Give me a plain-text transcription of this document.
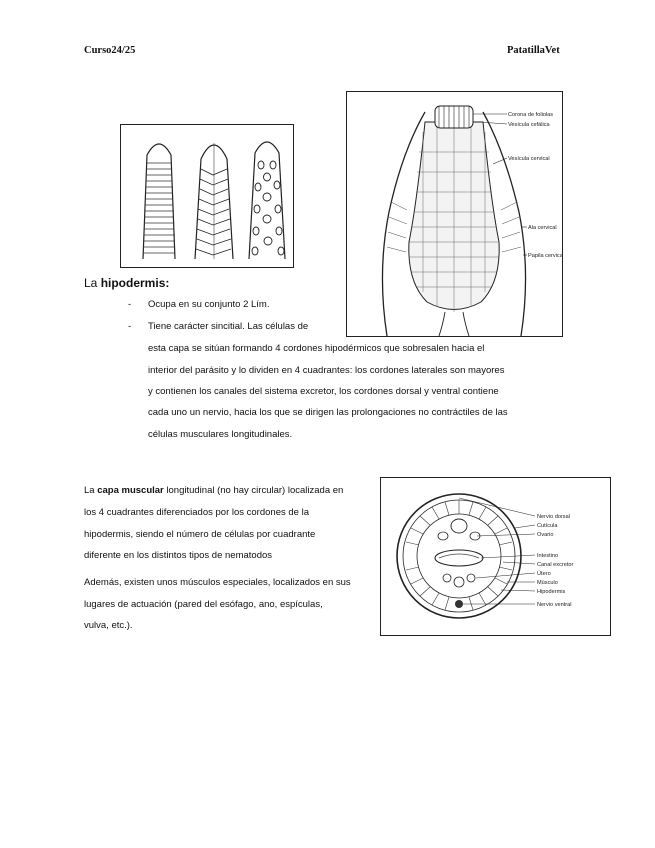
Curso24/25	PatatillaVet
Corona de foliolas
Vesícula cefálica
Vesícula cervical
Ala cervical
Papila cervical
La hipodermis:
- Ocupa en su conjunto 2 Lím.
- Tiene carácter sincitial. Las células de
esta capa se sitúan formando 4 cordones hipodérmicos que sobresalen hacia el
interior del parásito y lo dividen en 4 cuadrantes: los cordones laterales son mayores
y contienen los canales del sistema excretor, los cordones dorsal y ventral contiene
cada uno un nervio, hacia los que se dirigen las prolongaciones no contráctiles de las
células musculares longitudinales.
La capa muscular longitudinal (no hay circular) localizada en
los 4 cuadrantes diferenciados por los cordones de la
hipodermis, siendo el número de células por cuadrante
diferente en los distintos tipos de nematodos
Además, existen unos músculos especiales, localizados en sus
lugares de actuación (pared del esófago, ano, espículas,
vulva, etc.).
Nervio dorsal
Cutícula
Ovario
Intestino
Canal excretor
Útero
Músculo
Hipodermis
Nervio ventral
